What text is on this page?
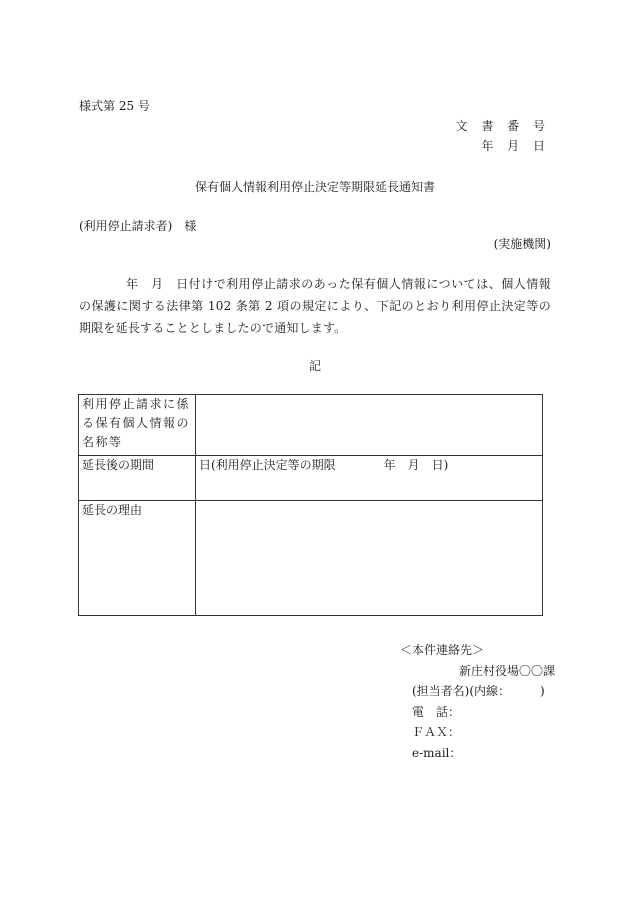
様式第 25 号
文 書 番 号
年 月 日
保有個人情報利用停止決定等期限延長通知書
(利用停止請求者)　様
(実施機関)

年　月　日付けで利用停止請求のあった保有個人情報については、個人情報の保護に関する法律第 102 条第 2 項の規定により、下記のとおり利用停止決定等の期限を延長することとしましたので通知します。

記
利用停止請求に係る保有個人情報の名称等	
延長後の期間	日(利用停止決定等の期限　　　　年　月　日)
延長の理由	
＜本件連絡先＞
新庄村役場〇〇課
(担当者名)(内線：　　　)
電　話：
ＦＡＸ：
e-mail：
